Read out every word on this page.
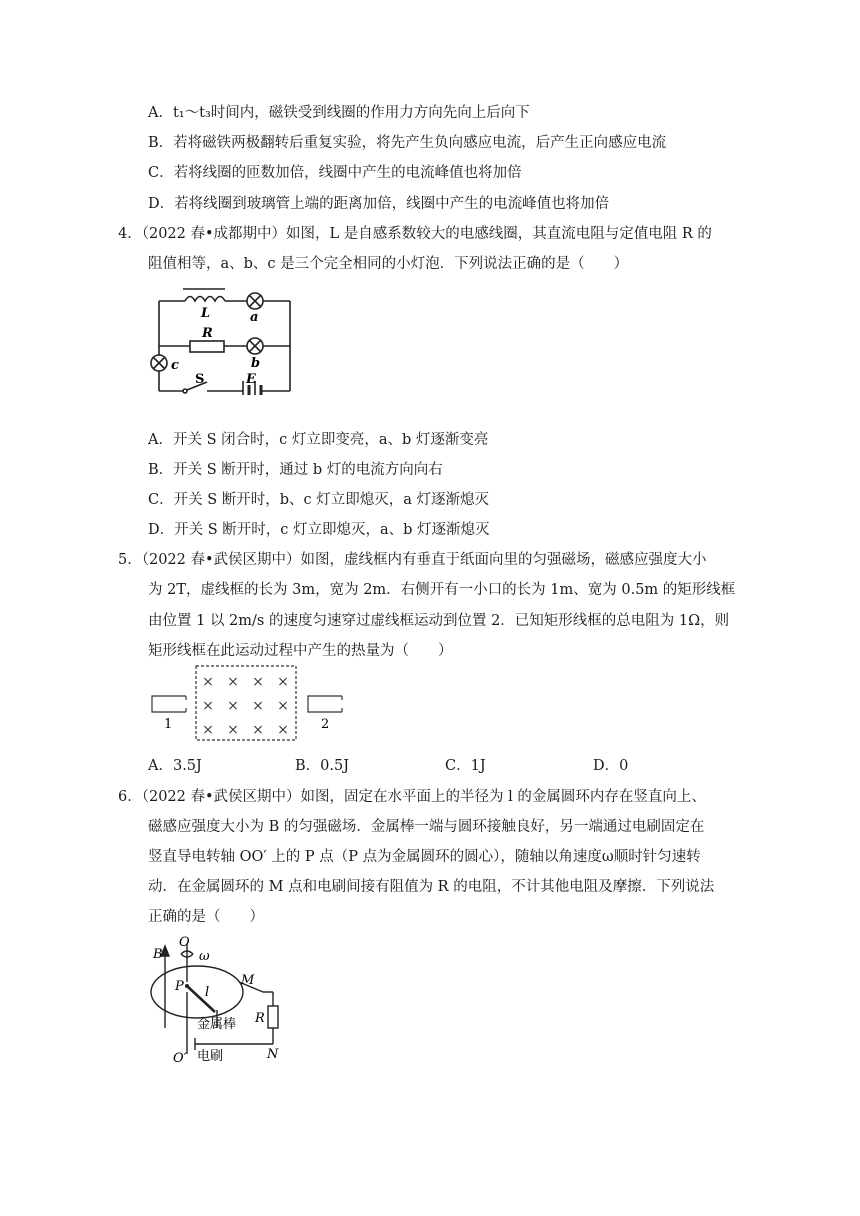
A．t₁～t₃时间内，磁铁受到线圈的作用力方向先向上后向下
B．若将磁铁两极翻转后重复实验，将先产生负向感应电流，后产生正向感应电流
C．若将线圈的匝数加倍，线圈中产生的电流峰值也将加倍
D．若将线圈到玻璃管上端的距离加倍，线圈中产生的电流峰值也将加倍
4．（2022 春•成都期中）如图，L 是自感系数较大的电感线圈，其直流电阻与定值电阻 R 的
阻值相等，a、b、c 是三个完全相同的小灯泡．下列说法正确的是（　　）
L	a
R
b
c
S	E
A．开关 S 闭合时，c 灯立即变亮，a、b 灯逐渐变亮
B．开关 S 断开时，通过 b 灯的电流方向向右
C．开关 S 断开时，b、c 灯立即熄灭，a 灯逐渐熄灭
D．开关 S 断开时，c 灯立即熄灭，a、b 灯逐渐熄灭
5．（2022 春•武侯区期中）如图，虚线框内有垂直于纸面向里的匀强磁场，磁感应强度大小
为 2T，虚线框的长为 3m，宽为 2m．右侧开有一小口的长为 1m、宽为 0.5m 的矩形线框
由位置 1 以 2m/s 的速度匀速穿过虚线框运动到位置 2．已知矩形线框的总电阻为 1Ω，则
矩形线框在此运动过程中产生的热量为（　　）
× × × ×
× × × ×
× × × ×
1	2
A．3.5J	B．0.5J	C．1J	D．0
6．（2022 春•武侯区期中）如图，固定在水平面上的半径为 l 的金属圆环内存在竖直向上、
磁感应强度大小为 B 的匀强磁场．金属棒一端与圆环接触良好，另一端通过电刷固定在
竖直导电转轴 OO′ 上的 P 点（P 点为金属圆环的圆心），随轴以角速度ω顺时针匀速转
动．在金属圆环的 M 点和电刷间接有阻值为 R 的电阻，不计其他电阻及摩擦．下列说法
正确的是（　　）
O
B	ω
P l
M
R
金属棒
O′ 电刷	N
